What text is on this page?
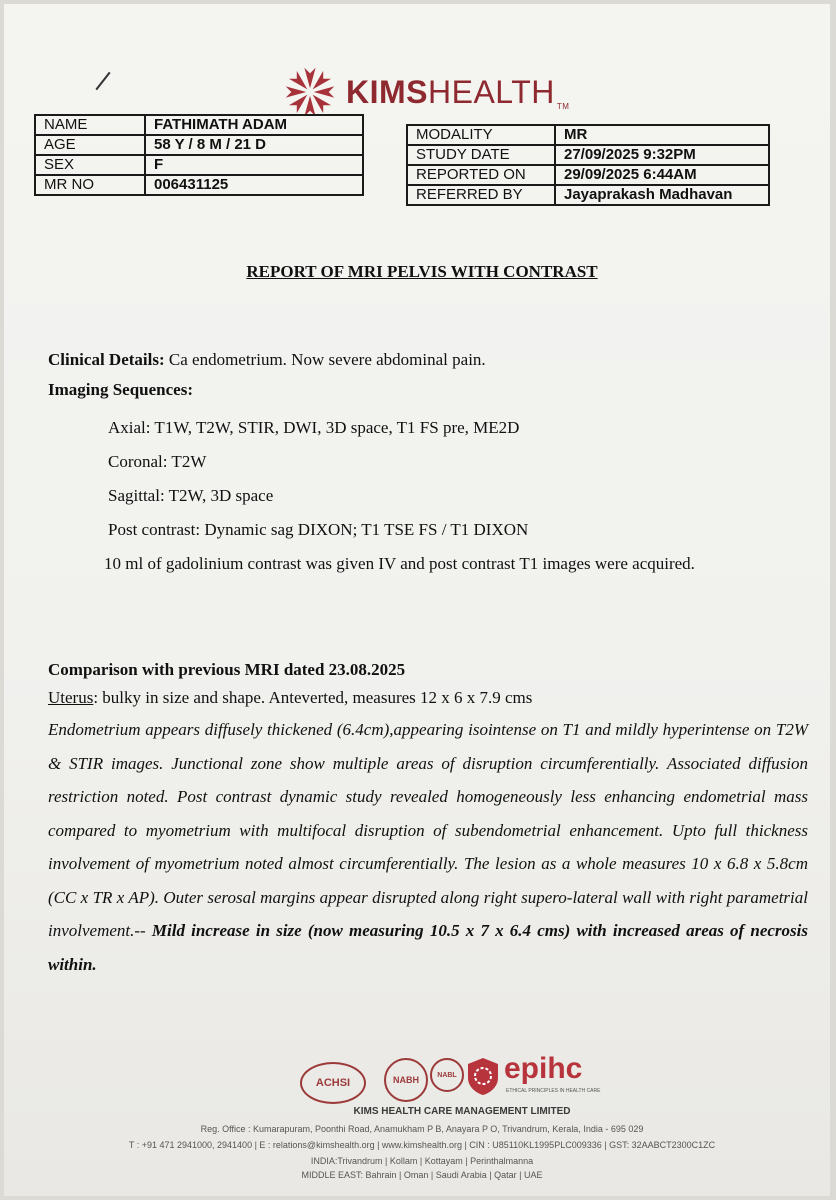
KIMSHEALTH TM
NAME	FATHIMATH ADAM
AGE	58 Y / 8 M / 21 D
SEX	F
MR NO	006431125
MODALITY	MR
STUDY DATE	27/09/2025 9:32PM
REPORTED ON	29/09/2025 6:44AM
REFERRED BY	Jayaprakash Madhavan
REPORT OF MRI PELVIS WITH CONTRAST
Clinical Details: Ca endometrium. Now severe abdominal pain.
Imaging Sequences:
Axial: T1W, T2W, STIR, DWI, 3D space, T1 FS pre, ME2D
Coronal: T2W
Sagittal: T2W, 3D space
Post contrast: Dynamic sag DIXON; T1 TSE FS / T1 DIXON
10 ml of gadolinium contrast was given IV and post contrast T1 images were acquired.
Comparison with previous MRI dated 23.08.2025
Uterus: bulky in size and shape. Anteverted, measures 12 x 6 x 7.9 cms
Endometrium appears diffusely thickened (6.4cm),appearing isointense on T1 and mildly hyperintense on T2W & STIR images. Junctional zone show multiple areas of disruption circumferentially. Associated diffusion restriction noted. Post contrast dynamic study revealed homogeneously less enhancing endometrial mass compared to myometrium with multifocal disruption of subendometrial enhancement. Upto full thickness involvement of myometrium noted almost circumferentially. The lesion as a whole measures 10 x 6.8 x 5.8cm (CC x TR x AP). Outer serosal margins appear disrupted along right supero-lateral wall with right parametrial involvement.-- Mild increase in size (now measuring 10.5 x 7 x 6.4 cms) with increased areas of necrosis within.
ACHSI	NABH	NABL epihc
ETHICAL PRINCIPLES IN HEALTH CARE
KIMS HEALTH CARE MANAGEMENT LIMITED
Reg. Office : Kumarapuram, Poonthi Road, Anamukham P B, Anayara P O, Trivandrum, Kerala, India - 695 029
T : +91 471 2941000, 2941400 | E : relations@kimshealth.org | www.kimshealth.org | CIN : U85110KL1995PLC009336 | GST: 32AABCT2300C1ZC
INDIA:Trivandrum | Kollam | Kottayam | Perinthalmanna
MIDDLE EAST: Bahrain | Oman | Saudi Arabia | Qatar | UAE
